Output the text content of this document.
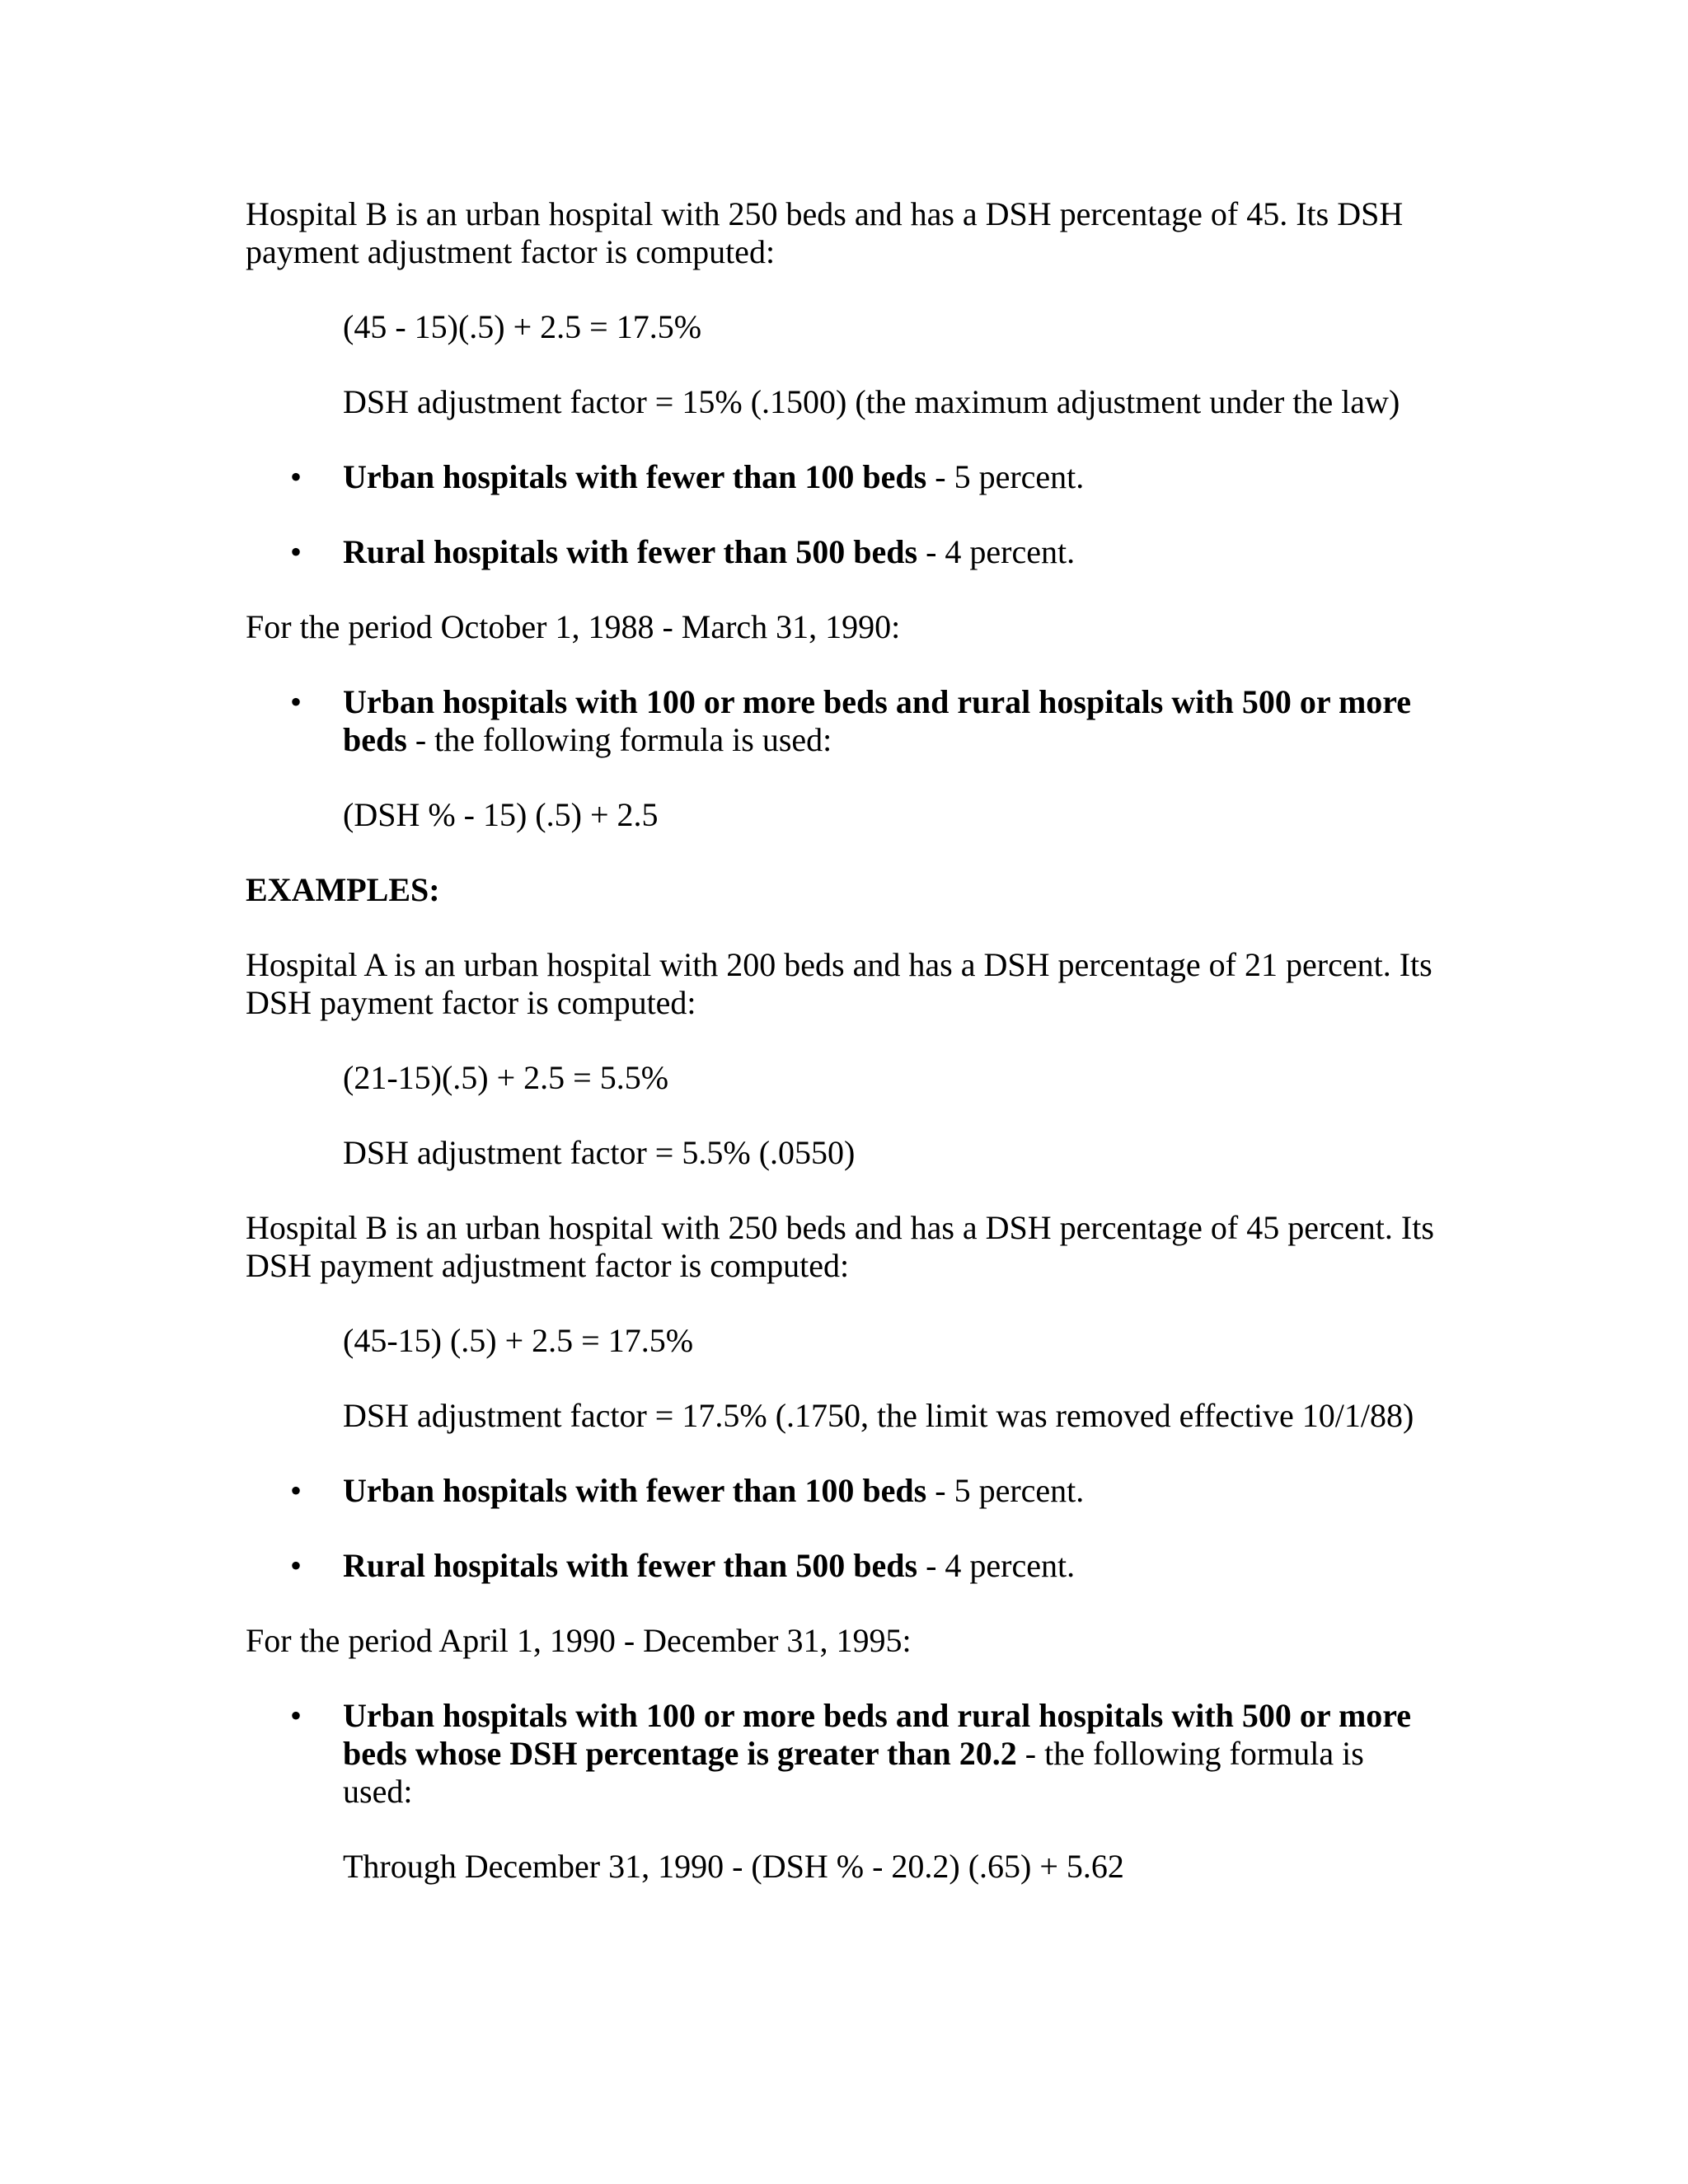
Hospital B is an urban hospital with 250 beds and has a DSH percentage of 45. Its DSH

payment adjustment factor is computed:

(45 - 15)(.5) + 2.5 = 17.5%

DSH adjustment factor = 15% (.1500) (the maximum adjustment under the law)

• Urban hospitals with fewer than 100 beds - 5 percent.

• Rural hospitals with fewer than 500 beds - 4 percent.

For the period October 1, 1988 - March 31, 1990:

• Urban hospitals with 100 or more beds and rural hospitals with 500 or more

beds - the following formula is used:

(DSH % - 15) (.5) + 2.5

EXAMPLES:

Hospital A is an urban hospital with 200 beds and has a DSH percentage of 21 percent. Its

DSH payment factor is computed:

(21-15)(.5) + 2.5 = 5.5%

DSH adjustment factor = 5.5% (.0550)

Hospital B is an urban hospital with 250 beds and has a DSH percentage of 45 percent. Its

DSH payment adjustment factor is computed:

(45-15) (.5) + 2.5 = 17.5%

DSH adjustment factor = 17.5% (.1750, the limit was removed effective 10/1/88)

• Urban hospitals with fewer than 100 beds - 5 percent.

• Rural hospitals with fewer than 500 beds - 4 percent.

For the period April 1, 1990 - December 31, 1995:

• Urban hospitals with 100 or more beds and rural hospitals with 500 or more

beds whose DSH percentage is greater than 20.2 - the following formula is

used:

Through December 31, 1990 - (DSH % - 20.2) (.65) + 5.62
